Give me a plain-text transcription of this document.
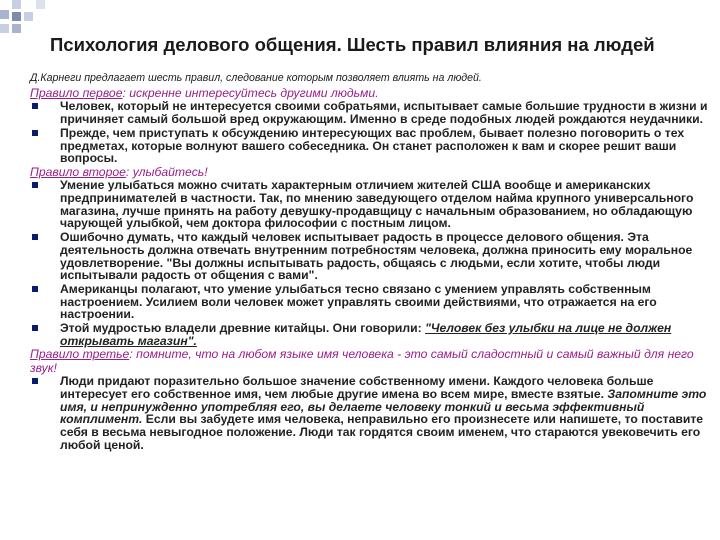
Психология делового общения. Шесть правил влияния на людей

Д.Карнеги предлагает шесть правил, следование которым позволяет влиять на людей.

Правило первое: искренне интересуйтесь другими людьми.

Человек, который не интересуется своими собратьями, испытывает самые большие трудности в жизни и причиняет самый большой вред окружающим. Именно в среде подобных людей рождаются неудачники.

Прежде, чем приступать к обсуждению интересующих вас проблем, бывает полезно поговорить о тех предметах, которые волнуют вашего собеседника. Он станет расположен к вам и скорее решит ваши вопросы.

Правило второе: улыбайтесь!

Умение улыбаться можно считать характерным отличием жителей США вообще и американских предпринимателей в частности. Так, по мнению заведующего отделом найма крупного универсального магазина, лучше принять на работу девушку-продавщицу с начальным образованием, но обладающую чарующей улыбкой, чем доктора философии с постным лицом.

Ошибочно думать, что каждый человек испытывает радость в процессе делового общения. Эта деятельность должна отвечать внутренним потребностям человека, должна приносить ему моральное удовлетворение. "Вы должны испытывать радость, общаясь с людьми, если хотите, чтобы люди испытывали радость от общения с вами".

Американцы полагают, что умение улыбаться тесно связано с умением управлять собственным настроением. Усилием воли человек может управлять своими действиями, что отражается на его настроении.

Этой мудростью владели древние китайцы. Они говорили: "Человек без улыбки на лице не должен открывать магазин".

Правило третье: помните, что на любом языке имя человека - это самый сладостный и самый важный для него звук!

Люди придают поразительно большое значение собственному имени. Каждого человека больше интересует его собственное имя, чем любые другие имена во всем мире, вместе взятые. Запомните это имя, и непринужденно употребляя его, вы делаете человеку тонкий и весьма эффективный комплимент. Если вы забудете имя человека, неправильно его произнесете или напишете, то поставите себя в весьма невыгодное положение. Люди так гордятся своим именем, что стараются увековечить его любой ценой.
